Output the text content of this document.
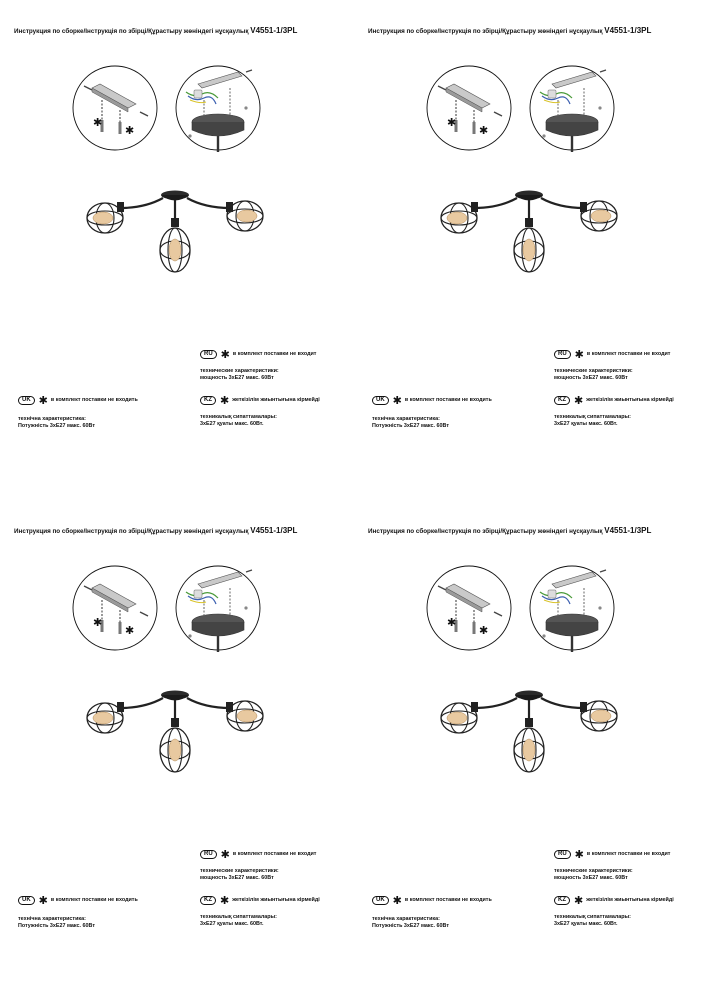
Инструкция по сборке/Інструкція по збірці/Құрастыру жөніндегі нұсқаулық V4551-1/3PL
✱
✱
RU ✱ в комплект поставки не входит
технические характеристики:
мощность 3xE27 макс. 60Вт
KZ ✱ жеткізілім жиынтығына кірмейді
техникалық сипаттамалары:
3xE27 қуаты макс. 60Вт.
UK ✱ в комплект поставки не входить
технічна характеристика:
Потужність 3xE27 макс. 60Вт
Инструкция по сборке/Інструкція по збірці/Құрастыру жөніндегі нұсқаулық V4551-1/3PL
✱
✱
RU ✱ в комплект поставки не входит
технические характеристики:
мощность 3xE27 макс. 60Вт
KZ ✱ жеткізілім жиынтығына кірмейді
техникалық сипаттамалары:
3xE27 қуаты макс. 60Вт.
UK ✱ в комплект поставки не входить
технічна характеристика:
Потужність 3xE27 макс. 60Вт
Инструкция по сборке/Інструкція по збірці/Құрастыру жөніндегі нұсқаулық V4551-1/3PL
✱
✱
RU ✱ в комплект поставки не входит
технические характеристики:
мощность 3xE27 макс. 60Вт
KZ ✱ жеткізілім жиынтығына кірмейді
техникалық сипаттамалары:
3xE27 қуаты макс. 60Вт.
UK ✱ в комплект поставки не входить
технічна характеристика:
Потужність 3xE27 макс. 60Вт
Инструкция по сборке/Інструкція по збірці/Құрастыру жөніндегі нұсқаулық V4551-1/3PL
✱
✱
RU ✱ в комплект поставки не входит
технические характеристики:
мощность 3xE27 макс. 60Вт
KZ ✱ жеткізілім жиынтығына кірмейді
техникалық сипаттамалары:
3xE27 қуаты макс. 60Вт.
UK ✱ в комплект поставки не входить
технічна характеристика:
Потужність 3xE27 макс. 60Вт
